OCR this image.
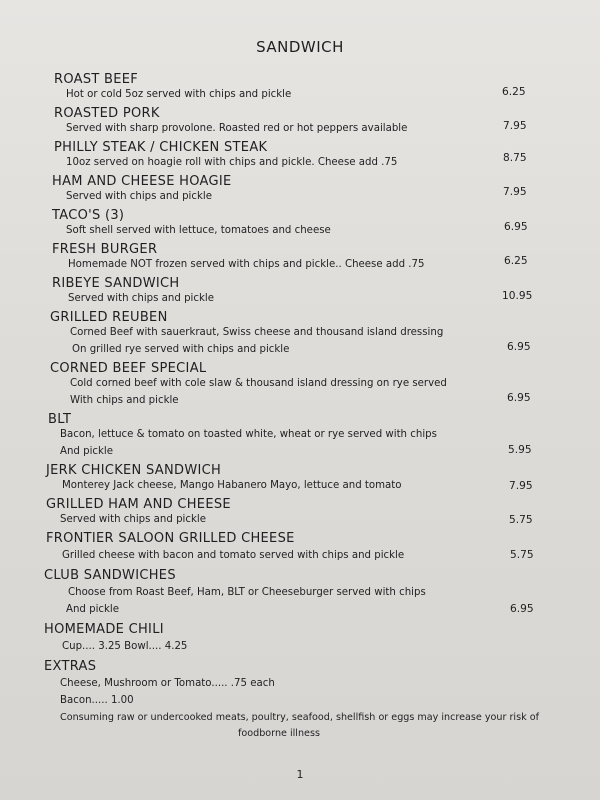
SANDWICH
ROAST BEEF
Hot or cold 5oz served with chips and pickle	6.25
ROASTED PORK
Served with sharp provolone. Roasted red or hot peppers available	7.95
PHILLY STEAK / CHICKEN STEAK
10oz served on hoagie roll with chips and pickle. Cheese add .75	8.75
HAM AND CHEESE HOAGIE
Served with chips and pickle	7.95
TACO'S (3)
Soft shell served with lettuce, tomatoes and cheese	6.95
FRESH BURGER
Homemade NOT frozen served with chips and pickle.. Cheese add .75	6.25
RIBEYE SANDWICH
Served with chips and pickle	10.95
GRILLED REUBEN
Corned Beef with sauerkraut, Swiss cheese and thousand island dressing
On grilled rye served with chips and pickle	6.95
CORNED BEEF SPECIAL
Cold corned beef with cole slaw & thousand island dressing on rye served
With chips and pickle	6.95
BLT
Bacon, lettuce & tomato on toasted white, wheat or rye served with chips
And pickle	5.95
JERK CHICKEN SANDWICH
Monterey Jack cheese, Mango Habanero Mayo, lettuce and tomato	7.95
GRILLED HAM AND CHEESE
Served with chips and pickle	5.75
FRONTIER SALOON GRILLED CHEESE
Grilled cheese with bacon and tomato served with chips and pickle	5.75
CLUB SANDWICHES
Choose from Roast Beef, Ham, BLT or Cheeseburger served with chips
And pickle	6.95
HOMEMADE CHILI
Cup.... 3.25 Bowl.... 4.25
EXTRAS
Cheese, Mushroom or Tomato..... .75 each
Bacon..... 1.00
Consuming raw or undercooked meats, poultry, seafood, shellfish or eggs may increase your risk of
foodborne illness
1
